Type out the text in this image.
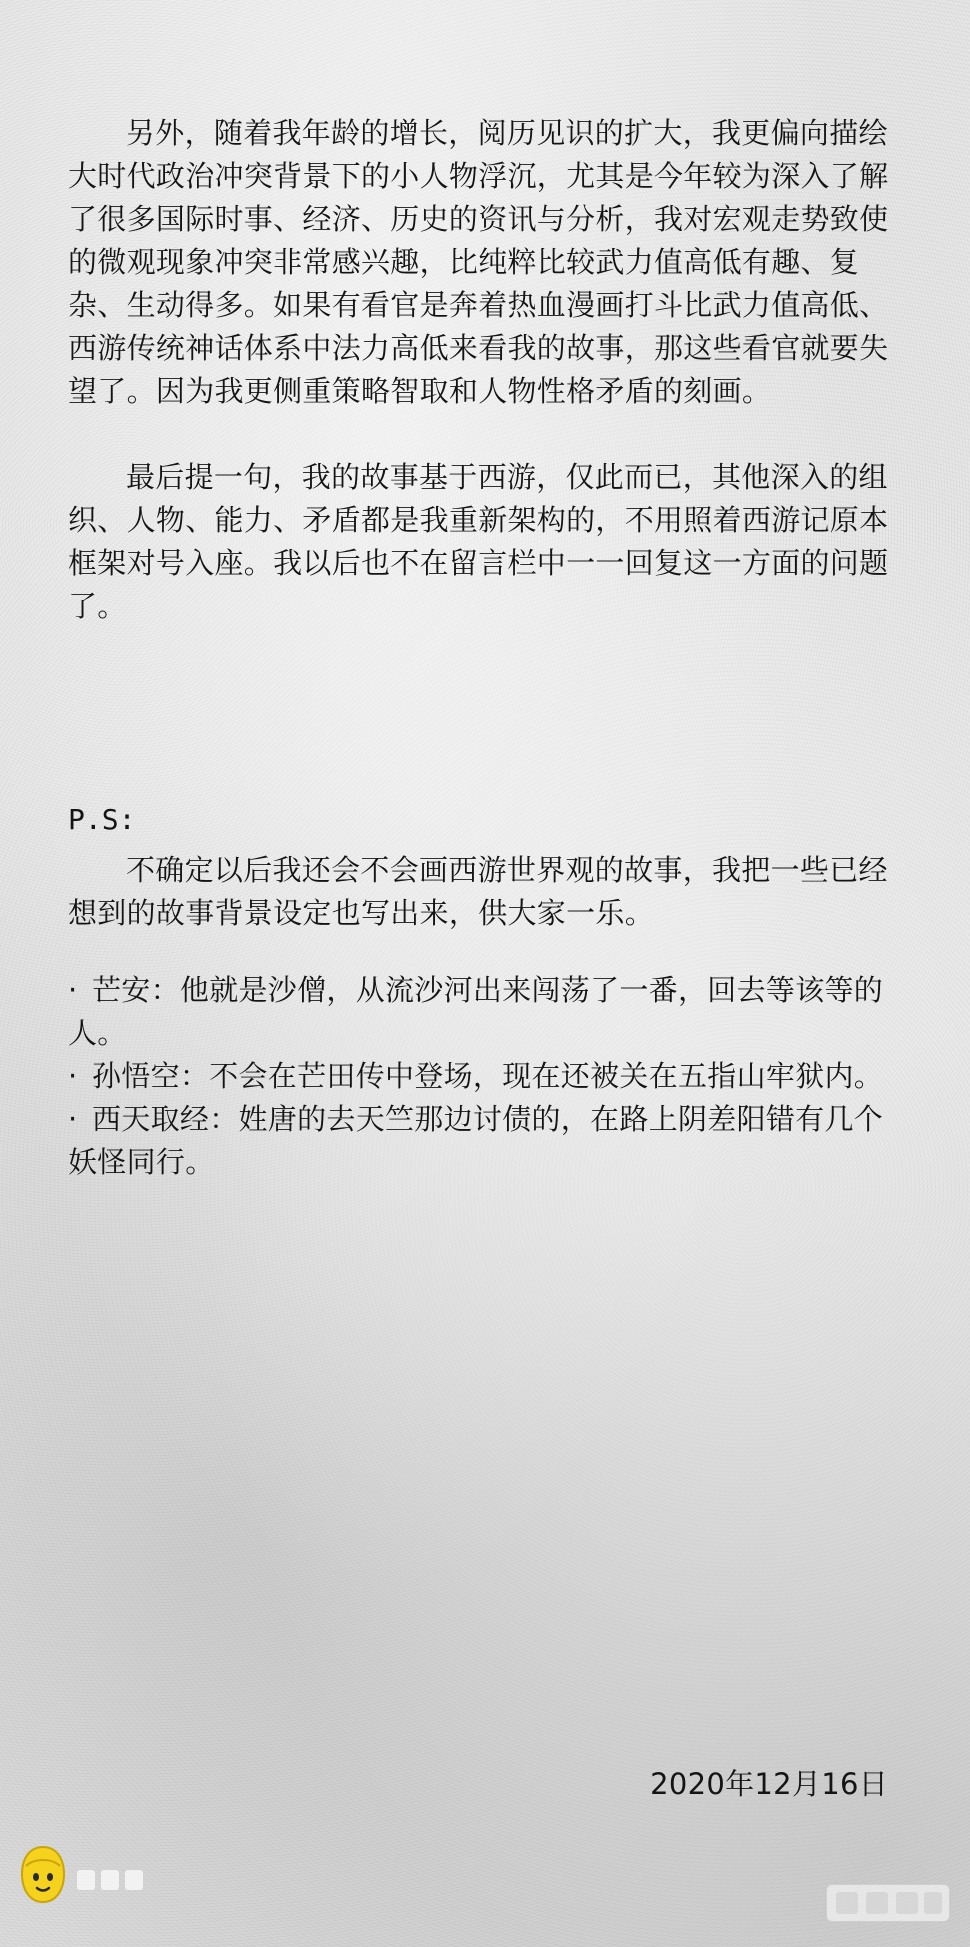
另外，随着我年龄的增长，阅历见识的扩大，我更偏向描绘大时代政治冲突背景下的小人物浮沉，尤其是今年较为深入了解了很多国际时事、经济、历史的资讯与分析，我对宏观走势致使的微观现象冲突非常感兴趣，比纯粹比较武力值高低有趣、复杂、生动得多。如果有看官是奔着热血漫画打斗比武力值高低、西游传统神话体系中法力高低来看我的故事，那这些看官就要失望了。因为我更侧重策略智取和人物性格矛盾的刻画。

最后提一句，我的故事基于西游，仅此而已，其他深入的组织、人物、能力、矛盾都是我重新架构的，不用照着西游记原本框架对号入座。我以后也不在留言栏中一一回复这一方面的问题了。

P.S:

不确定以后我还会不会画西游世界观的故事，我把一些已经想到的故事背景设定也写出来，供大家一乐。

· 芒安：他就是沙僧，从流沙河出来闯荡了一番，回去等该等的人。
· 孙悟空：不会在芒田传中登场，现在还被关在五指山牢狱内。
· 西天取经：姓唐的去天竺那边讨债的，在路上阴差阳错有几个妖怪同行。
2020年12月16日
